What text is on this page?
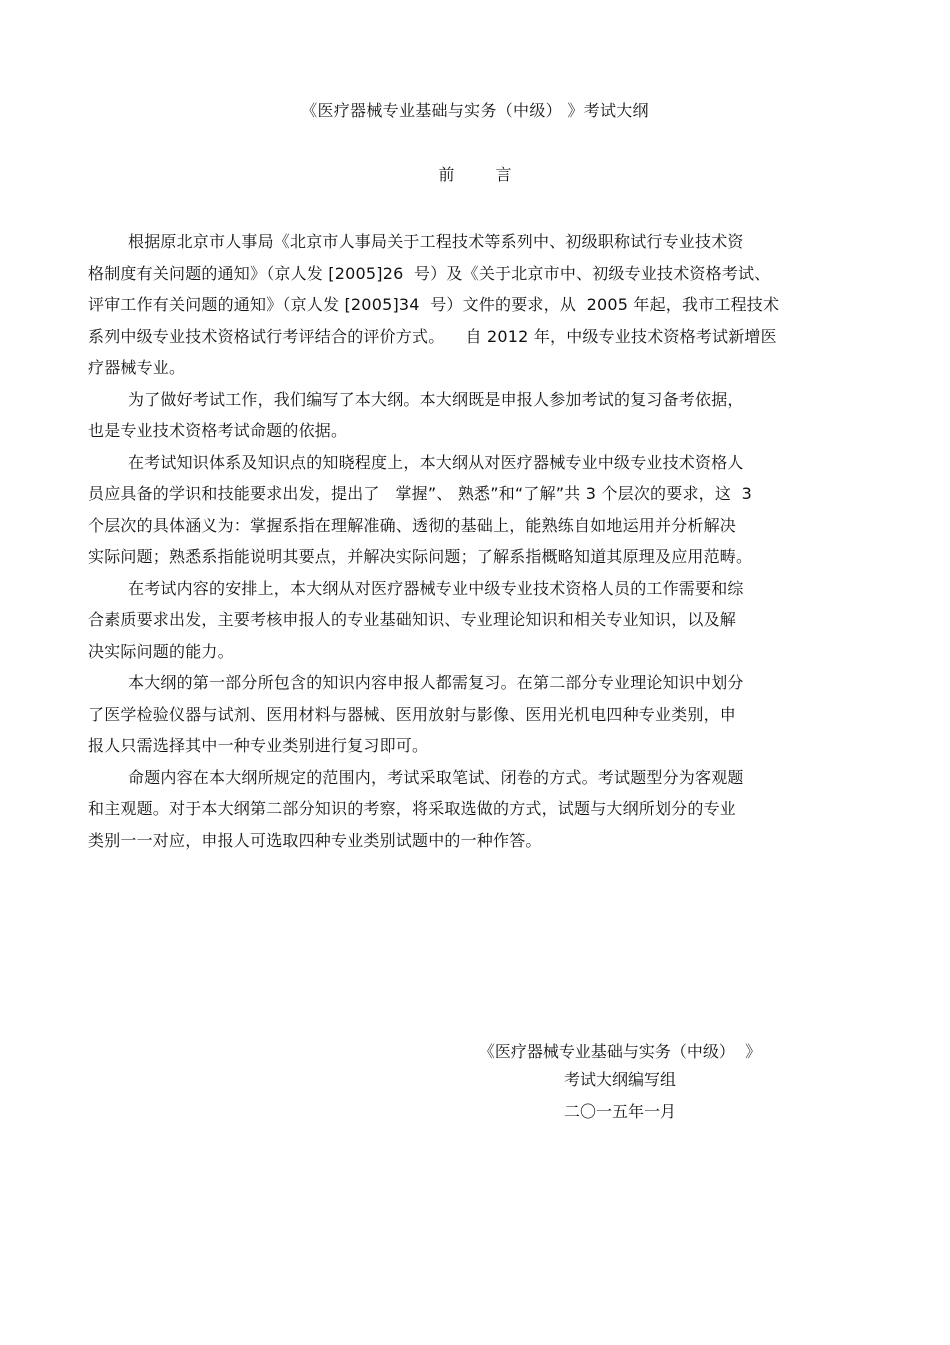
《医疗器械专业基础与实务（中级） 》考试大纲
前 言
根据原北京市人事局《北京市人事局关于工程技术等系列中、初级职称试行专业技术资
格制度有关问题的通知》（京人发 [2005]26  号）及《关于北京市中、初级专业技术资格考试、
评审工作有关问题的通知》（京人发 [2005]34  号）文件的要求，从  2005 年起，我市工程技术
系列中级专业技术资格试行考评结合的评价方式。    自 2012 年，中级专业技术资格考试新增医
疗器械专业。
为了做好考试工作，我们编写了本大纲。本大纲既是申报人参加考试的复习备考依据，
也是专业技术资格考试命题的依据。
在考试知识体系及知识点的知晓程度上，本大纲从对医疗器械专业中级专业技术资格人
员应具备的学识和技能要求出发，提出了   掌握”、 熟悉”和“了解”共 3 个层次的要求，这  3
个层次的具体涵义为：掌握系指在理解准确、透彻的基础上，能熟练自如地运用并分析解决
实际问题；熟悉系指能说明其要点，并解决实际问题；了解系指概略知道其原理及应用范畴。
在考试内容的安排上，本大纲从对医疗器械专业中级专业技术资格人员的工作需要和综
合素质要求出发，主要考核申报人的专业基础知识、专业理论知识和相关专业知识，以及解
决实际问题的能力。
本大纲的第一部分所包含的知识内容申报人都需复习。在第二部分专业理论知识中划分
了医学检验仪器与试剂、医用材料与器械、医用放射与影像、医用光机电四种专业类别，申
报人只需选择其中一种专业类别进行复习即可。
命题内容在本大纲所规定的范围内，考试采取笔试、闭卷的方式。考试题型分为客观题
和主观题。对于本大纲第二部分知识的考察，将采取选做的方式，试题与大纲所划分的专业
类别一一对应，申报人可选取四种专业类别试题中的一种作答。
《医疗器械专业基础与实务（中级）  》
考试大纲编写组
二〇一五年一月
